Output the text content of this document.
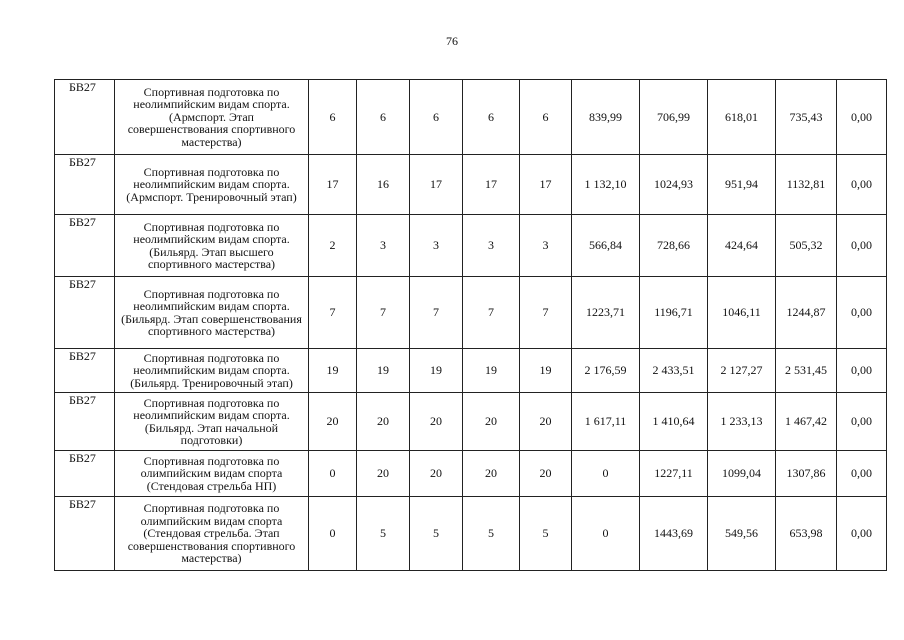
76
БВ27	Спортивная подготовка по неолимпийским видам спорта. (Армспорт. Этап совершенствования спортивного мастерства)	6	6	6	6	6	839,99	706,99	618,01	735,43	0,00
БВ27	Спортивная подготовка по неолимпийским видам спорта. (Армспорт. Тренировочный этап)	17	16	17	17	17	1 132,10	1024,93	951,94	1132,81	0,00
БВ27	Спортивная подготовка по неолимпийским видам спорта. (Бильярд. Этап высшего спортивного мастерства)	2	3	3	3	3	566,84	728,66	424,64	505,32	0,00
БВ27	Спортивная подготовка по неолимпийским видам спорта. (Бильярд. Этап совершенствования спортивного мастерства)	7	7	7	7	7	1223,71	1196,71	1046,11	1244,87	0,00
БВ27	Спортивная подготовка по неолимпийским видам спорта. (Бильярд. Тренировочный этап)	19	19	19	19	19	2 176,59	2 433,51	2 127,27	2 531,45	0,00
БВ27	Спортивная подготовка по неолимпийским видам спорта. (Бильярд. Этап начальной подготовки)	20	20	20	20	20	1 617,11	1 410,64	1 233,13	1 467,42	0,00
БВ27	Спортивная подготовка по олимпийским видам спорта (Стендовая стрельба НП)	0	20	20	20	20	0	1227,11	1099,04	1307,86	0,00
БВ27	Спортивная подготовка по олимпийским видам спорта (Стендовая стрельба. Этап совершенствования спортивного мастерства)	0	5	5	5	5	0	1443,69	549,56	653,98	0,00
